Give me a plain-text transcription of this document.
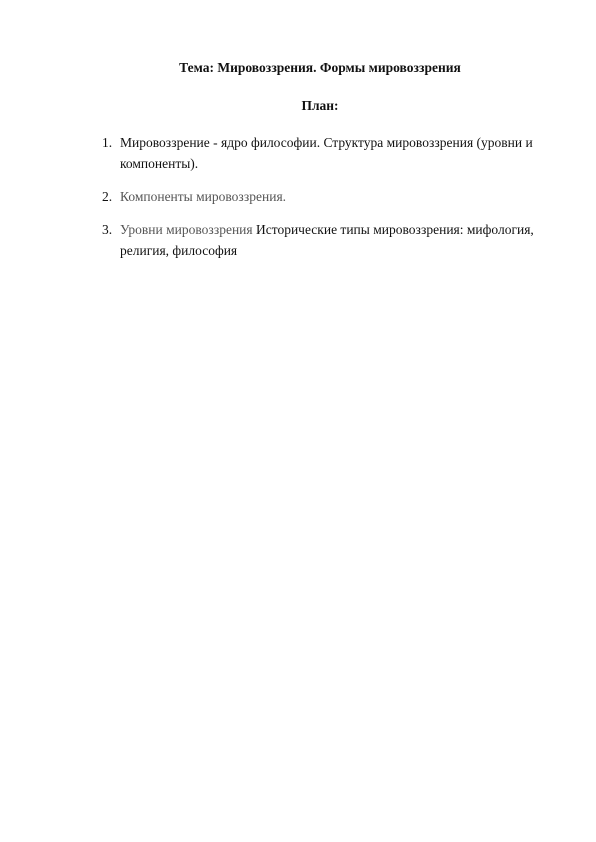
Тема: Мировоззрения. Формы мировоззрения
План:
1. Мировоззрение - ядро философии. Структура мировоззрения (уровни и компоненты).
2. Компоненты мировоззрения.
3. Уровни мировоззрения Исторические типы мировоззрения: мифология, религия, философия
